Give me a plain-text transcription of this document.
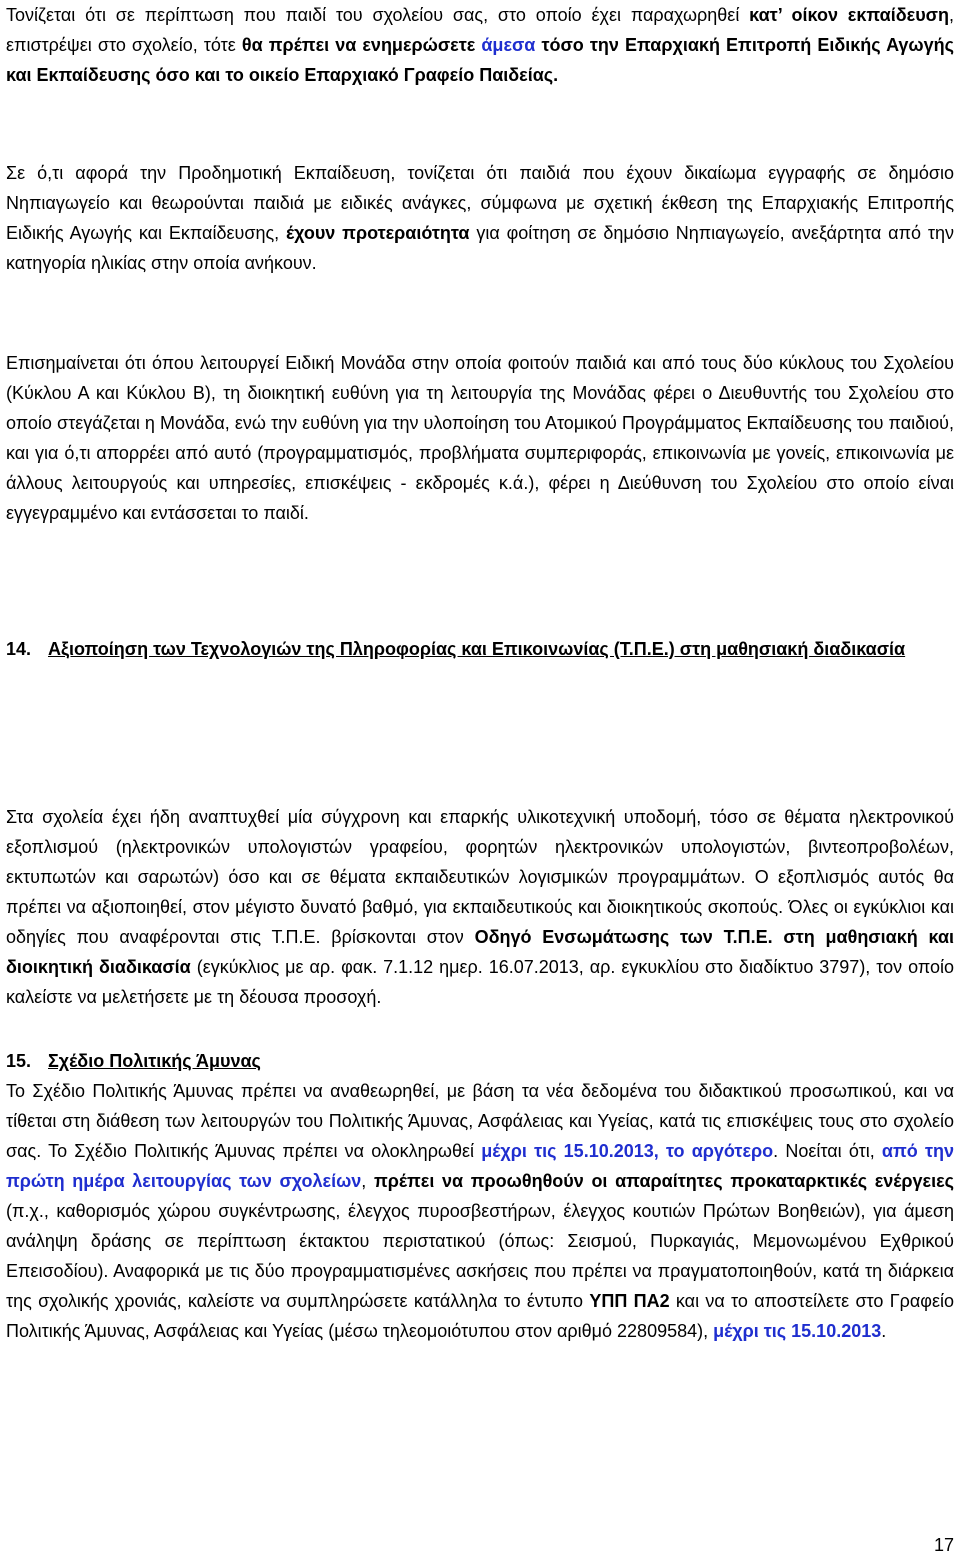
Τονίζεται ότι σε περίπτωση που παιδί του σχολείου σας, στο οποίο έχει παραχωρηθεί κατ’ οίκον εκπαίδευση, επιστρέψει στο σχολείο, τότε θα πρέπει να ενημερώσετε άμεσα τόσο την Επαρχιακή Επιτροπή Ειδικής Αγωγής και Εκπαίδευσης όσο και το οικείο Επαρχιακό Γραφείο Παιδείας.

Σε ό,τι αφορά την Προδημοτική Εκπαίδευση, τονίζεται ότι παιδιά που έχουν δικαίωμα εγγραφής σε δημόσιο Νηπιαγωγείο και θεωρούνται παιδιά με ειδικές ανάγκες, σύμφωνα με σχετική έκθεση της Επαρχιακής Επιτροπής Ειδικής Αγωγής και Εκπαίδευσης, έχουν προτεραιότητα για φοίτηση σε δημόσιο Νηπιαγωγείο, ανεξάρτητα από την κατηγορία ηλικίας στην οποία ανήκουν.

Επισημαίνεται ότι όπου λειτουργεί Ειδική Μονάδα στην οποία φοιτούν παιδιά και από τους δύο κύκλους του Σχολείου (Κύκλου Α και Κύκλου Β), τη διοικητική ευθύνη για τη λειτουργία της Μονάδας φέρει ο Διευθυντής του Σχολείου στο οποίο στεγάζεται η Μονάδα, ενώ την ευθύνη για την υλοποίηση του Ατομικού Προγράμματος Εκπαίδευσης του παιδιού, και για ό,τι απορρέει από αυτό (προγραμματισμός, προβλήματα συμπεριφοράς, επικοινωνία με γονείς, επικοινωνία με άλλους λειτουργούς και υπηρεσίες, επισκέψεις - εκδρομές κ.ά.), φέρει η Διεύθυνση του Σχολείου στο οποίο είναι εγγεγραμμένο και εντάσσεται το παιδί.

14. Αξιοποίηση των Τεχνολογιών της Πληροφορίας και Επικοινωνίας (Τ.Π.Ε.) στη μαθησιακή διαδικασία

Στα σχολεία έχει ήδη αναπτυχθεί μία σύγχρονη και επαρκής υλικοτεχνική υποδομή, τόσο σε θέματα ηλεκτρονικού εξοπλισμού (ηλεκτρονικών υπολογιστών γραφείου, φορητών ηλεκτρονικών υπολογιστών, βιντεοπροβολέων, εκτυπωτών και σαρωτών) όσο και σε θέματα εκπαιδευτικών λογισμικών προγραμμάτων. Ο εξοπλισμός αυτός θα πρέπει να αξιοποιηθεί, στον μέγιστο δυνατό βαθμό, για εκπαιδευτικούς και διοικητικούς σκοπούς. Όλες οι εγκύκλιοι και οδηγίες που αναφέρονται στις Τ.Π.Ε. βρίσκονται στον Οδηγό Ενσωμάτωσης των Τ.Π.Ε. στη μαθησιακή και διοικητική διαδικασία (εγκύκλιος με αρ. φακ. 7.1.12 ημερ. 16.07.2013, αρ. εγκυκλίου στο διαδίκτυο 3797), τον οποίο καλείστε να μελετήσετε με τη δέουσα προσοχή.

15. Σχέδιο Πολιτικής Άμυνας

Το Σχέδιο Πολιτικής Άμυνας πρέπει να αναθεωρηθεί, με βάση τα νέα δεδομένα του διδακτικού προσωπικού, και να τίθεται στη διάθεση των λειτουργών του Πολιτικής Άμυνας, Ασφάλειας και Υγείας, κατά τις επισκέψεις τους στο σχολείο σας. Το Σχέδιο Πολιτικής Άμυνας πρέπει να ολοκληρωθεί μέχρι τις 15.10.2013, το αργότερο. Νοείται ότι, από την πρώτη ημέρα λειτουργίας των σχολείων, πρέπει να προωθηθούν οι απαραίτητες προκαταρκτικές ενέργειες (π.χ., καθορισμός χώρου συγκέντρωσης, έλεγχος πυροσβεστήρων, έλεγχος κουτιών Πρώτων Βοηθειών), για άμεση ανάληψη δράσης σε περίπτωση έκτακτου περιστατικού (όπως: Σεισμού, Πυρκαγιάς, Μεμονωμένου Εχθρικού Επεισοδίου). Αναφορικά με τις δύο προγραμματισμένες ασκήσεις που πρέπει να πραγματοποιηθούν, κατά τη διάρκεια της σχολικής χρονιάς, καλείστε να συμπληρώσετε κατάλληλα το έντυπο ΥΠΠ ΠΑ2 και να το αποστείλετε στο Γραφείο Πολιτικής Άμυνας, Ασφάλειας και Υγείας (μέσω τηλεομοιότυπου στον αριθμό 22809584), μέχρι τις 15.10.2013.

17
